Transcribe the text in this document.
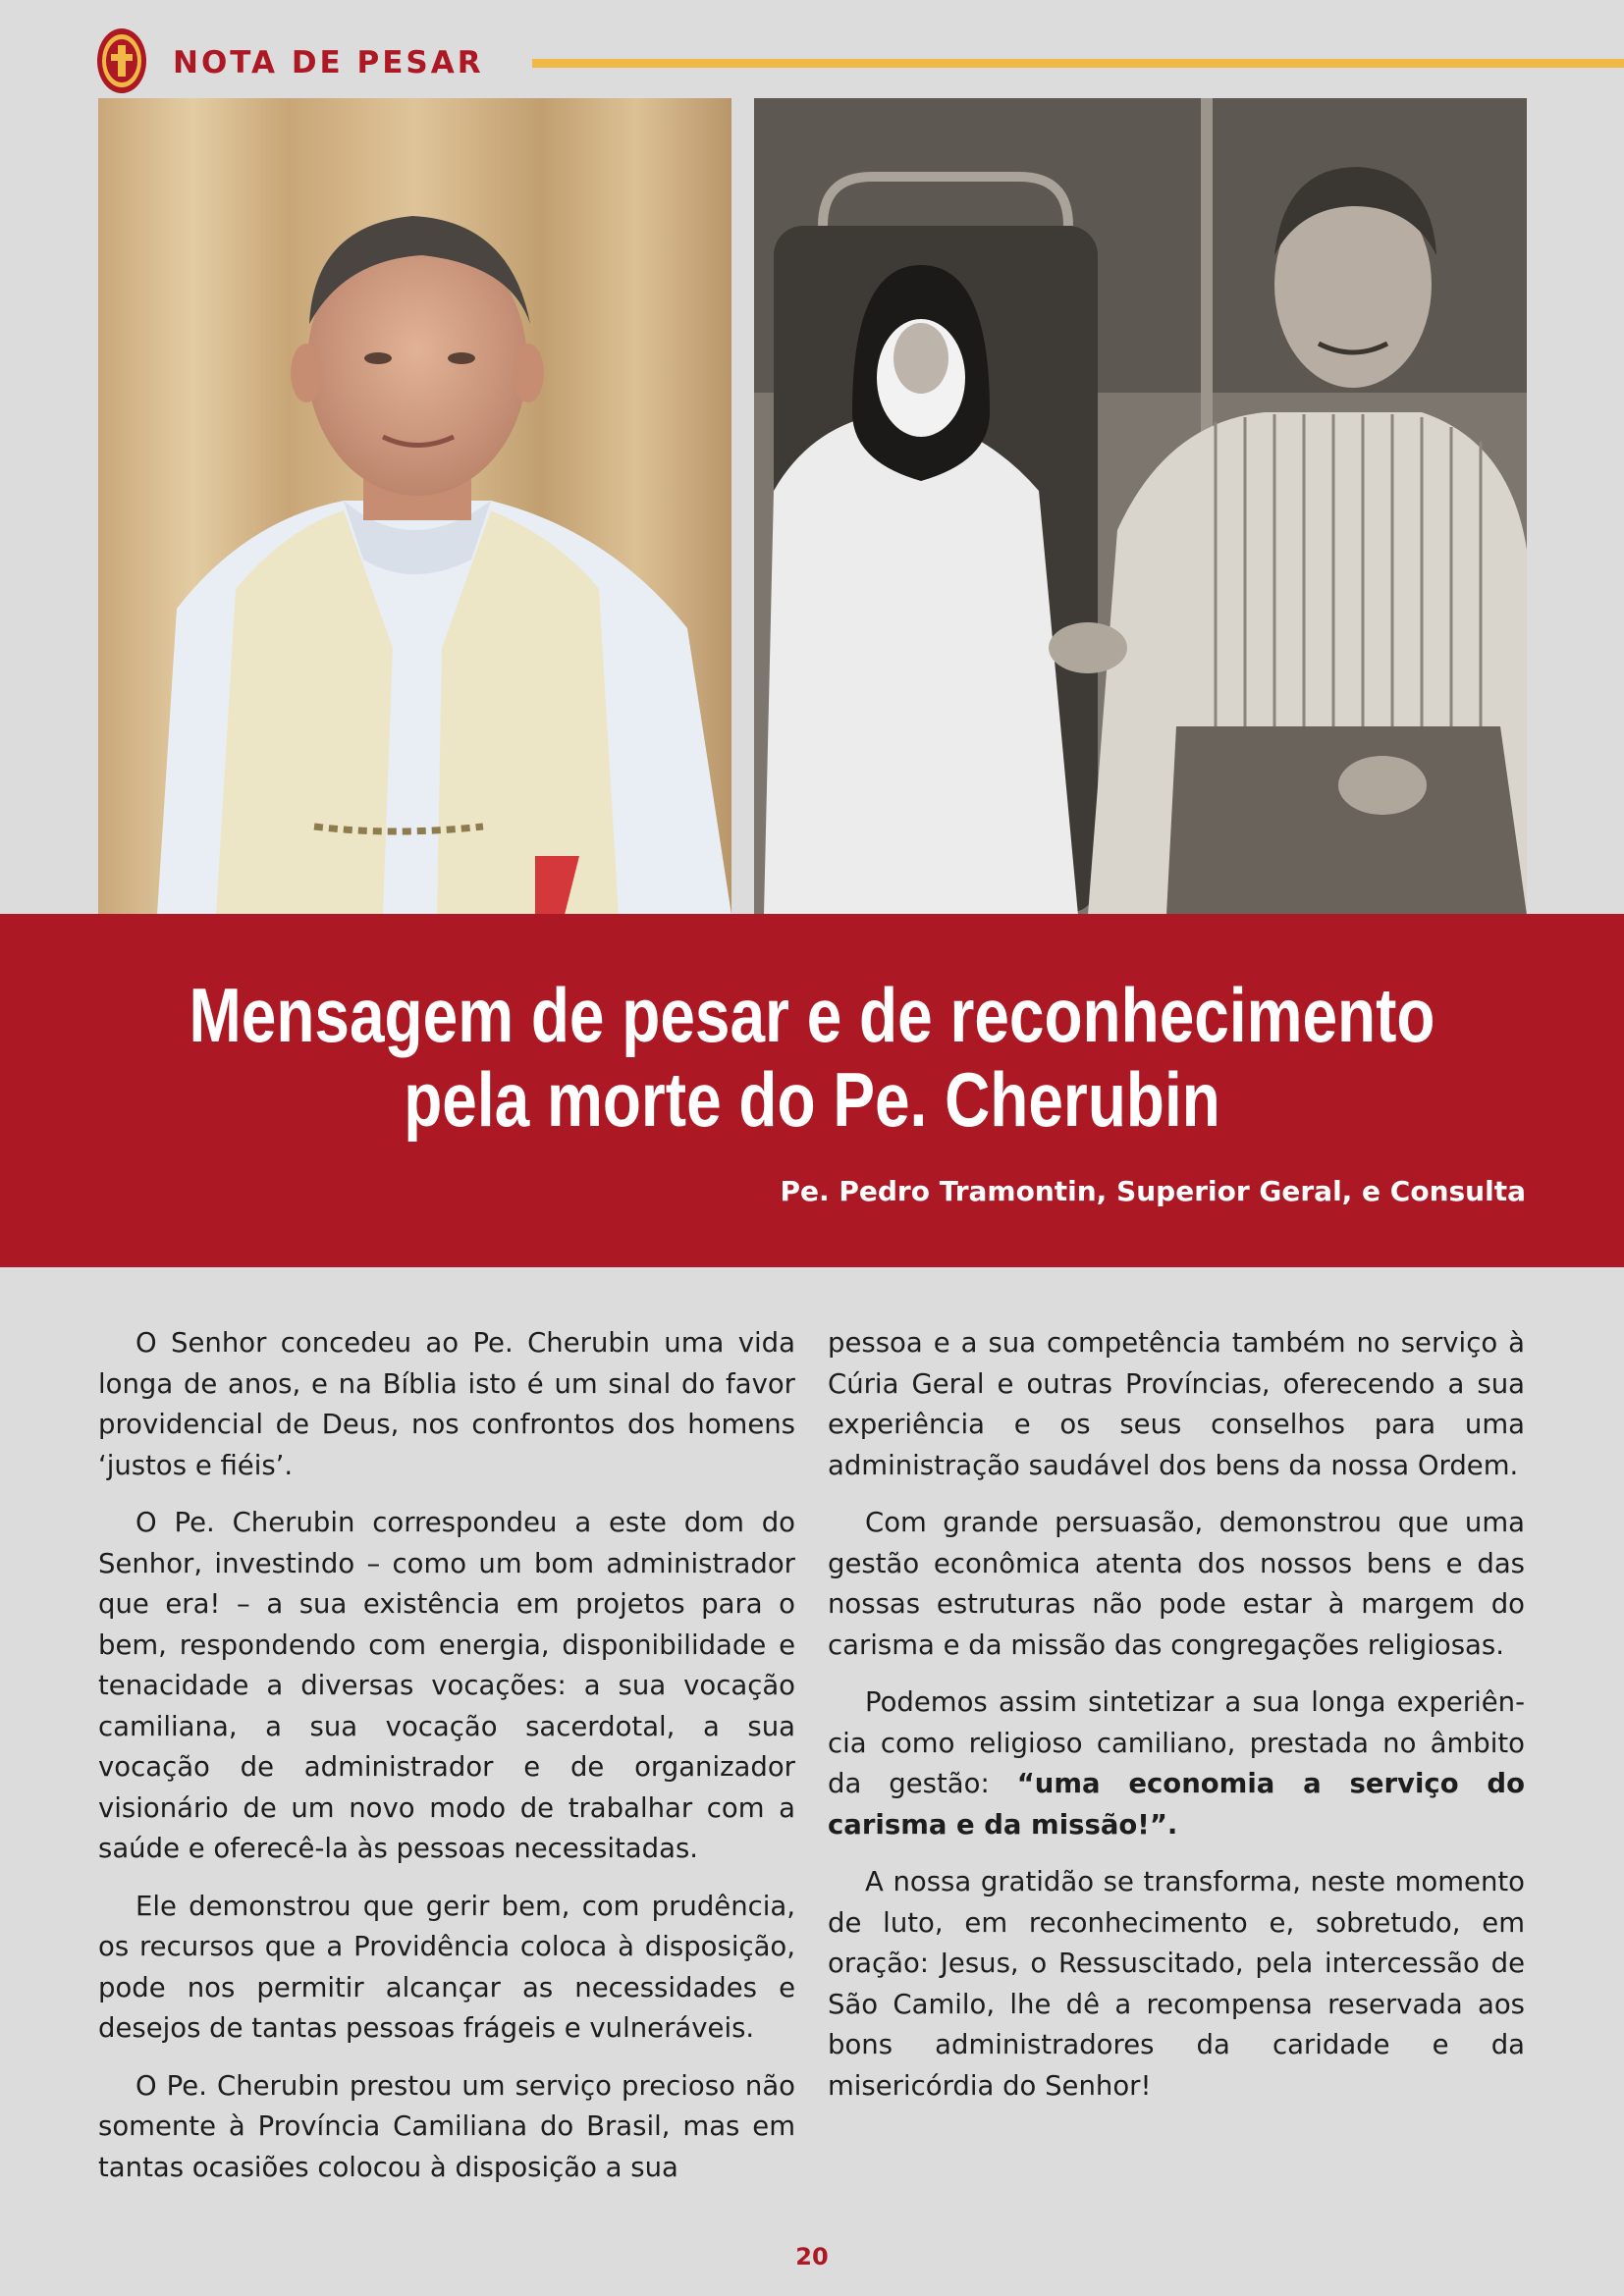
NOTA DE PESAR
Mensagem de pesar e de reconhecimento
pela morte do Pe. Cherubin
Pe. Pedro Tramontin, Superior Geral, e Consulta

O Senhor concedeu ao Pe. Cherubin uma vida longa de anos, e na Bíblia isto é um sinal do favor providencial de Deus, nos confrontos dos homens ‘justos e fiéis’.

O Pe. Cherubin correspondeu a este dom do Senhor, investindo – como um bom administrador que era! – a sua existência em projetos para o bem, respondendo com energia, disponibilidade e tenacidade a diversas vocações: a sua vocação camiliana, a sua vocação sacerdotal, a sua vocação de administrador e de organizador visionário de um novo modo de trabalhar com a saúde e oferecê-la às pessoas necessitadas.

Ele demonstrou que gerir bem, com prudência, os recursos que a Providência coloca à disposição, pode nos permitir alcançar as necessidades e desejos de tantas pessoas frágeis e vulneráveis.

O Pe. Cherubin prestou um serviço precioso não somente à Província Camiliana do Brasil, mas em tantas ocasiões colocou à disposição a sua

pessoa e a sua competência também no serviço à Cúria Geral e outras Províncias, oferecendo a sua experiência e os seus conselhos para uma administração saudável dos bens da nossa Ordem.

Com grande persuasão, demonstrou que uma gestão econômica atenta dos nossos bens e das nossas estruturas não pode estar à margem do carisma e da missão das congregações religiosas.

Podemos assim sintetizar a sua longa experiên-cia como religioso camiliano, prestada no âmbito da gestão: “uma economia a serviço do carisma e da missão!”.

A nossa gratidão se transforma, neste momento de luto, em reconhecimento e, sobretudo, em oração: Jesus, o Ressuscitado, pela intercessão de São Camilo, lhe dê a recompensa reservada aos bons administradores da caridade e da misericórdia do Senhor!

20
